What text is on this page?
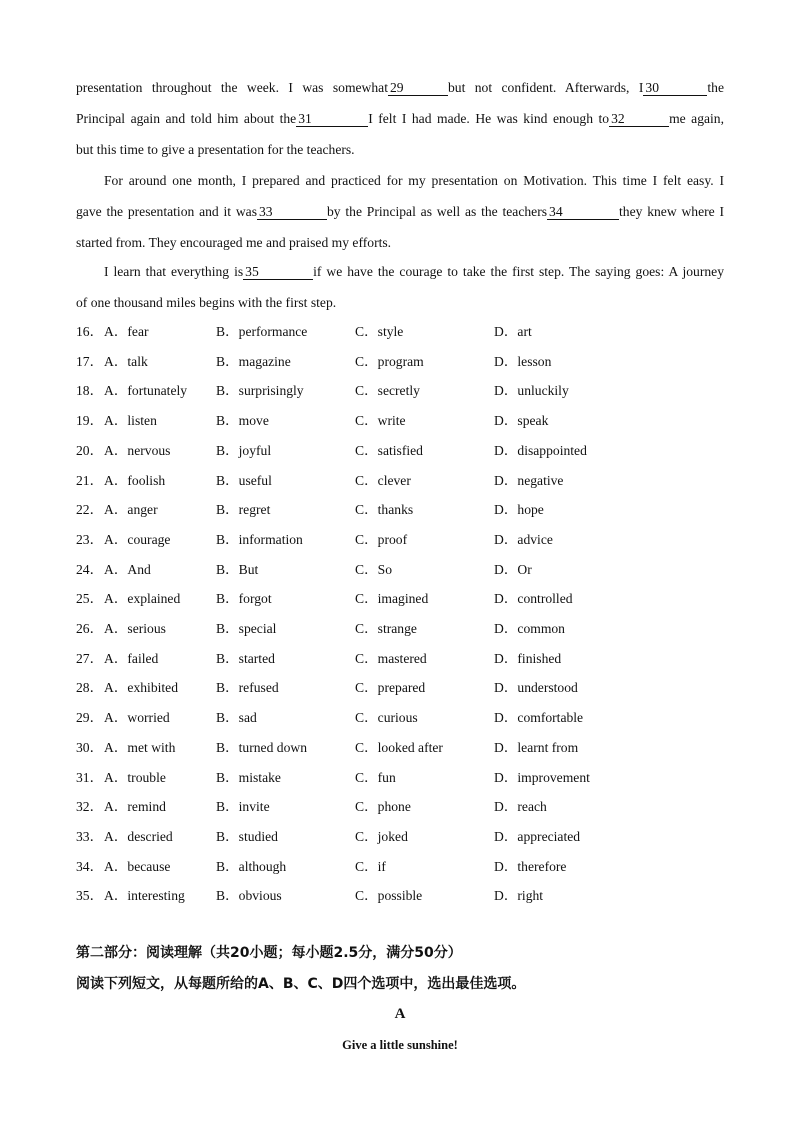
presentation throughout the week. I was somewhat 29	but not confident. Afterwards, I 30	the
Principal again and told him about the 31	I felt I had made. He was kind enough to 32	me again,
but this time to give a presentation for the teachers.
For around one month, I prepared and practiced for my presentation on Motivation. This time I felt easy. I
gave the presentation and it was 33	by the Principal as well as the teachers 34	they knew where I
started from. They encouraged me and praised my efforts.
I learn that everything is 35	if we have the courage to take the first step. The saying goes: A journey
of one thousand miles begins with the first step.
16． A．fear	B．performance	C．style	D．art
17． A．talk	B．magazine	C．program	D．lesson
18． A．fortunately B．surprisingly	C．secretly	D．unluckily
19． A．listen	B．move	C．write	D．speak
20． A．nervous	B．joyful	C．satisfied	D．disappointed
21． A．foolish	B．useful	C．clever	D．negative
22． A．anger	B．regret	C．thanks	D．hope
23． A．courage	B．information	C．proof	D．advice
24． A．And	B．But	C．So	D．Or
25． A．explained	B．forgot	C．imagined	D．controlled
26． A．serious	B．special	C．strange	D．common
27． A．failed	B．started	C．mastered	D．finished
28． A．exhibited	B．refused	C．prepared	D．understood
29． A．worried	B．sad	C．curious	D．comfortable
30． A．met with	B．turned down	C．looked after	D．learnt from
31． A．trouble	B．mistake	C．fun	D．improvement
32． A．remind	B．invite	C．phone	D．reach
33． A．descried	B．studied	C．joked	D．appreciated
34． A．because	B．although	C．if	D．therefore
35． A．interesting B．obvious	C．possible	D．right
第二部分：阅读理解（共20小题；每小题2.5分，满分50分）
阅读下列短文，从每题所给的A、B、C、D四个选项中，选出最佳选项。
A
Give a little sunshine!
